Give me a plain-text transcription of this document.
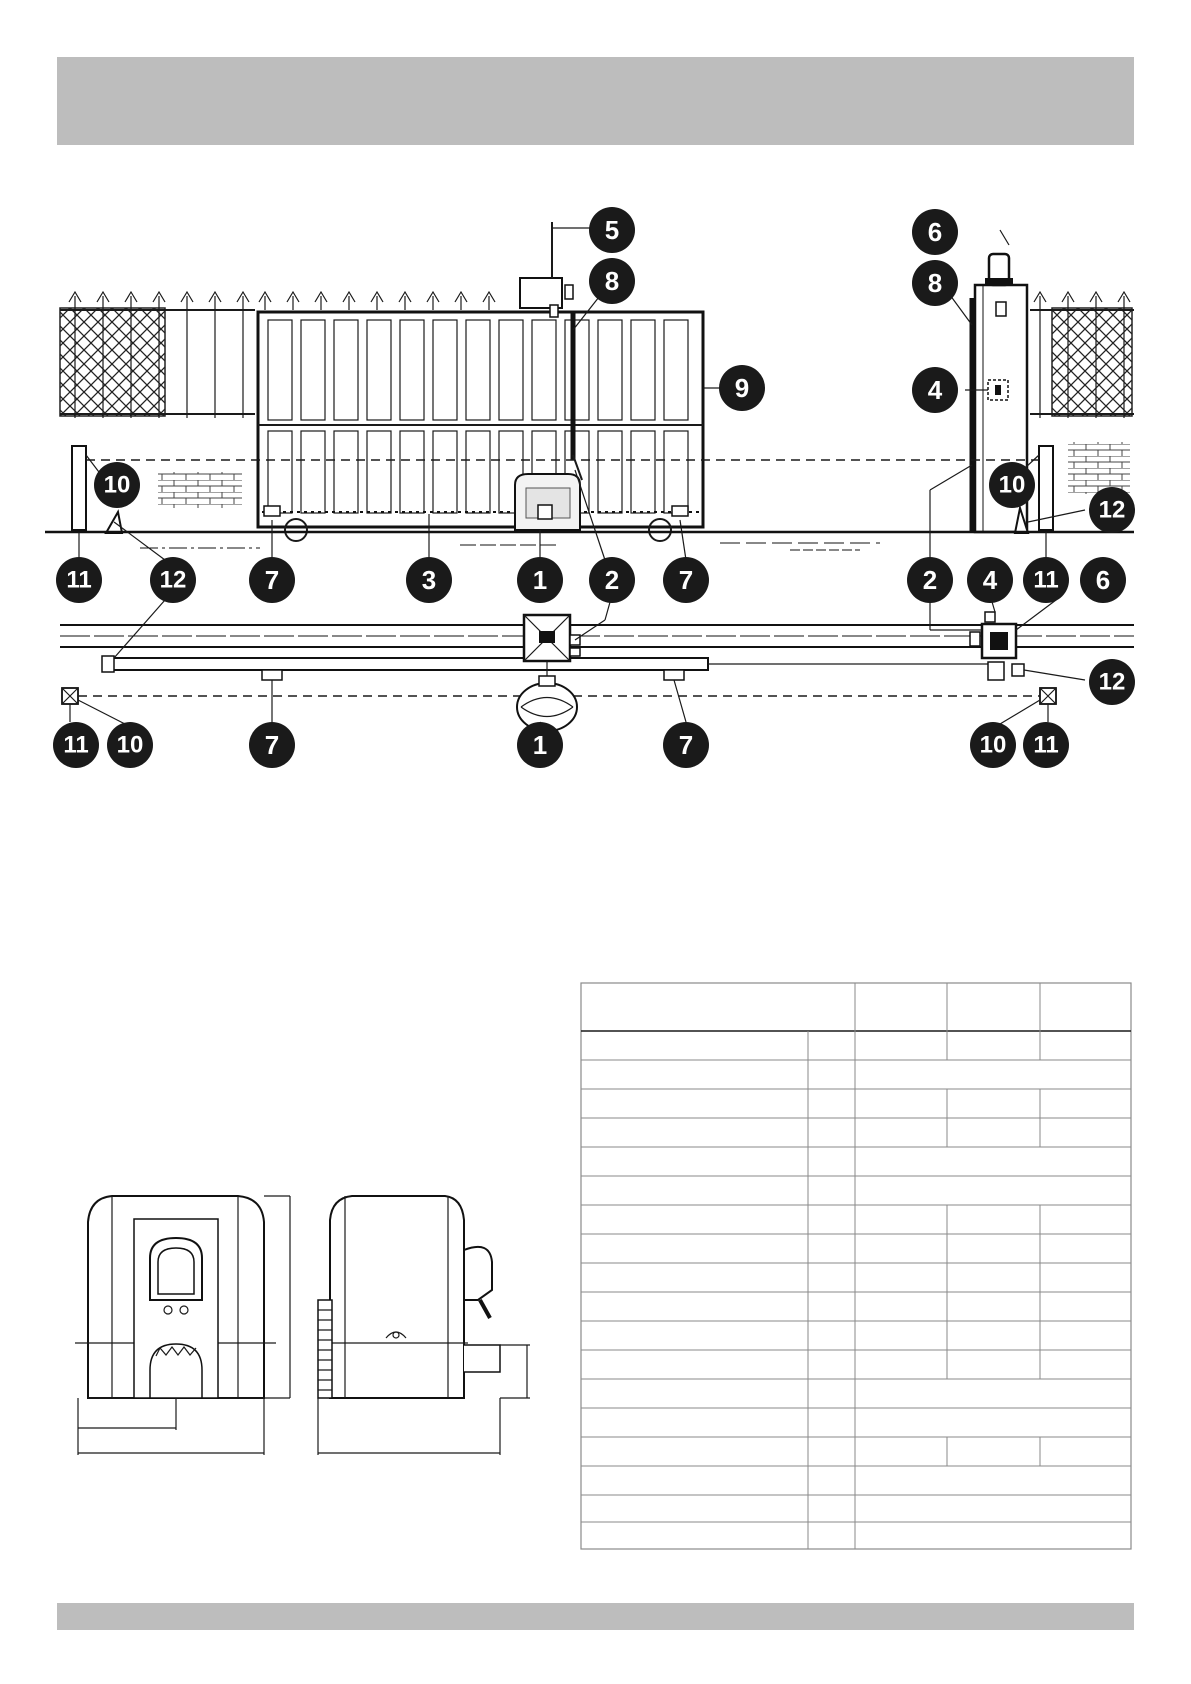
5
8
9
6
8
4
10	10
12
11	12	7	3	1 2 7	2 4 11 6
12
11 10	7	1	7	10 11
